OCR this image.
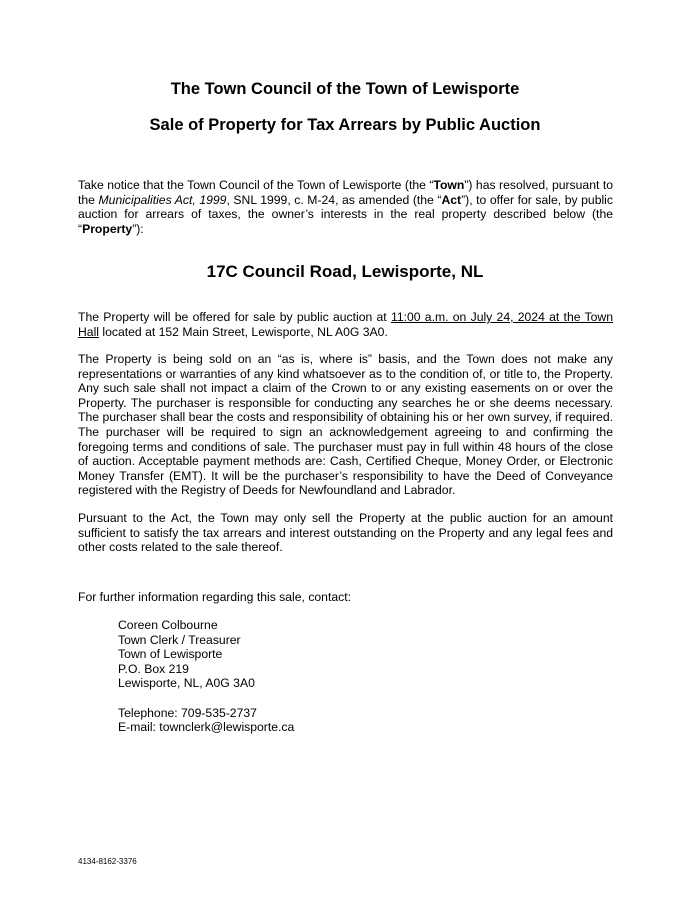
The Town Council of the Town of Lewisporte
Sale of Property for Tax Arrears by Public Auction

Take notice that the Town Council of the Town of Lewisporte (the “Town”) has resolved, pursuant to the Municipalities Act, 1999, SNL 1999, c. M-24, as amended (the “Act”), to offer for sale, by public auction for arrears of taxes, the owner’s interests in the real property described below (the “Property”):

17C Council Road, Lewisporte, NL

The Property will be offered for sale by public auction at 11:00 a.m. on July 24, 2024 at the Town Hall located at 152 Main Street, Lewisporte, NL A0G 3A0.

The Property is being sold on an “as is, where is” basis, and the Town does not make any representations or warranties of any kind whatsoever as to the condition of, or title to, the Property. Any such sale shall not impact a claim of the Crown to or any existing easements on or over the Property. The purchaser is responsible for conducting any searches he or she deems necessary. The purchaser shall bear the costs and responsibility of obtaining his or her own survey, if required. The purchaser will be required to sign an acknowledgement agreeing to and confirming the foregoing terms and conditions of sale. The purchaser must pay in full within 48 hours of the close of auction. Acceptable payment methods are: Cash, Certified Cheque, Money Order, or Electronic Money Transfer (EMT). It will be the purchaser’s responsibility to have the Deed of Conveyance registered with the Registry of Deeds for Newfoundland and Labrador.

Pursuant to the Act, the Town may only sell the Property at the public auction for an amount sufficient to satisfy the tax arrears and interest outstanding on the Property and any legal fees and other costs related to the sale thereof.

For further information regarding this sale, contact:

Coreen Colbourne
Town Clerk / Treasurer
Town of Lewisporte
P.O. Box 219
Lewisporte, NL, A0G 3A0
Telephone: 709-535-2737
E-mail: townclerk@lewisporte.ca
4134-8162-3376
